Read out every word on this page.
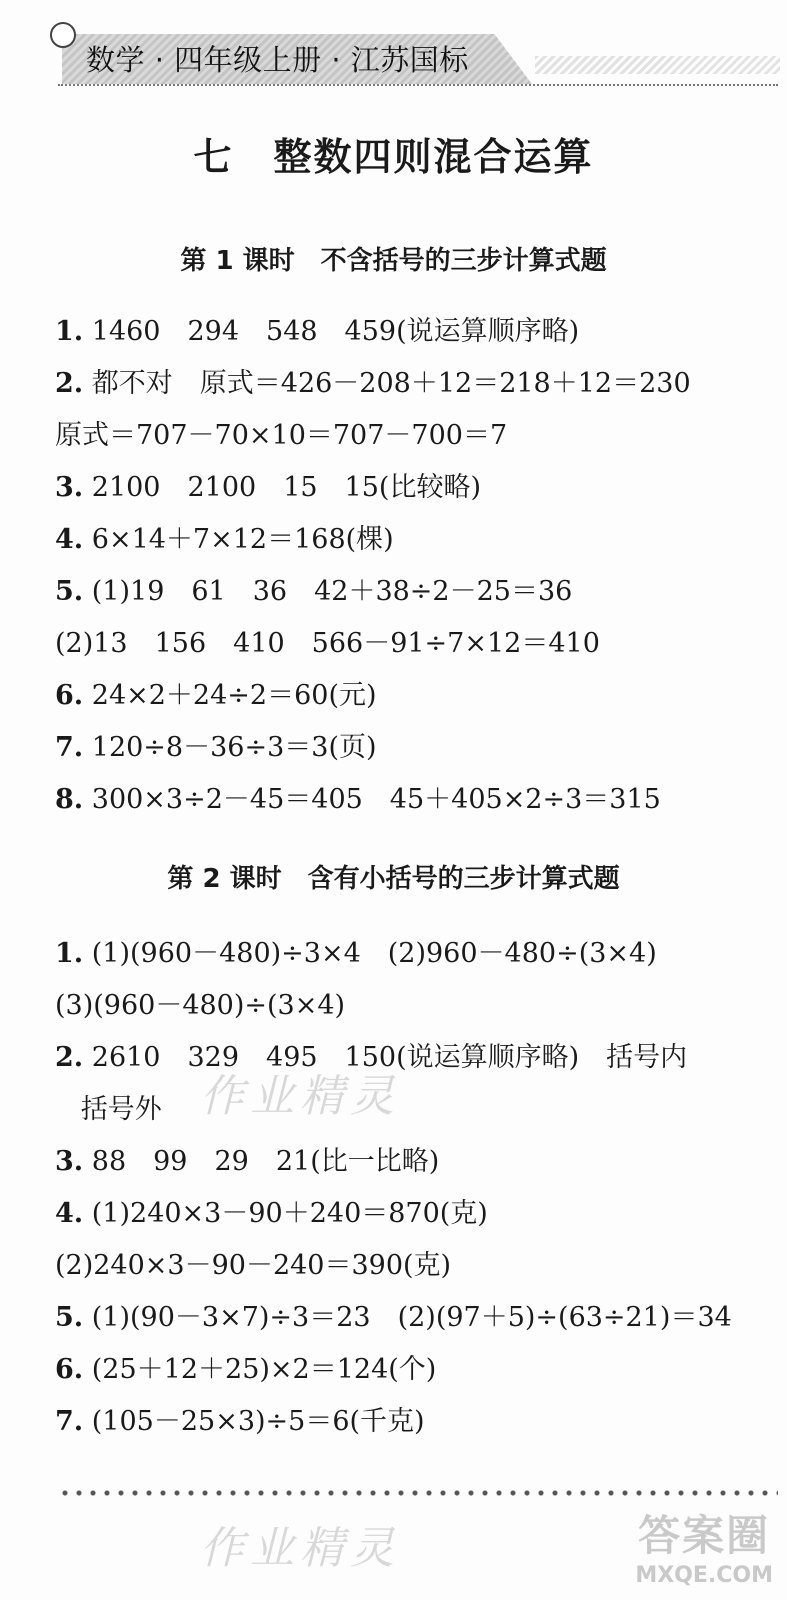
数学 · 四年级上册 · 江苏国标
七　整数四则混合运算
第 1 课时　不含括号的三步计算式题
1. 1460　294　548　459(说运算顺序略)
2. 都不对　原式＝426－208＋12＝218＋12＝230
原式＝707－70×10＝707－700＝7
3. 2100　2100　15　15(比较略)
4. 6×14＋7×12＝168(棵)
5. (1)19　61　36　42＋38÷2－25＝36
(2)13　156　410　566－91÷7×12＝410
6. 24×2＋24÷2＝60(元)
7. 120÷8－36÷3＝3(页)
8. 300×3÷2－45＝405　45＋405×2÷3＝315
第 2 课时　含有小括号的三步计算式题
1. (1)(960－480)÷3×4　(2)960－480÷(3×4)
(3)(960－480)÷(3×4)
2. 2610　329　495　150(说运算顺序略)　括号内
括号外
3. 88　99　29　21(比一比略)
4. (1)240×3－90＋240＝870(克)
(2)240×3－90－240＝390(克)
5. (1)(90－3×7)÷3＝23　(2)(97＋5)÷(63÷21)＝34
6. (25＋12＋25)×2＝124(个)
7. (105－25×3)÷5＝6(千克)
作业精灵
作业精灵	答案圈
MXQE.COM
